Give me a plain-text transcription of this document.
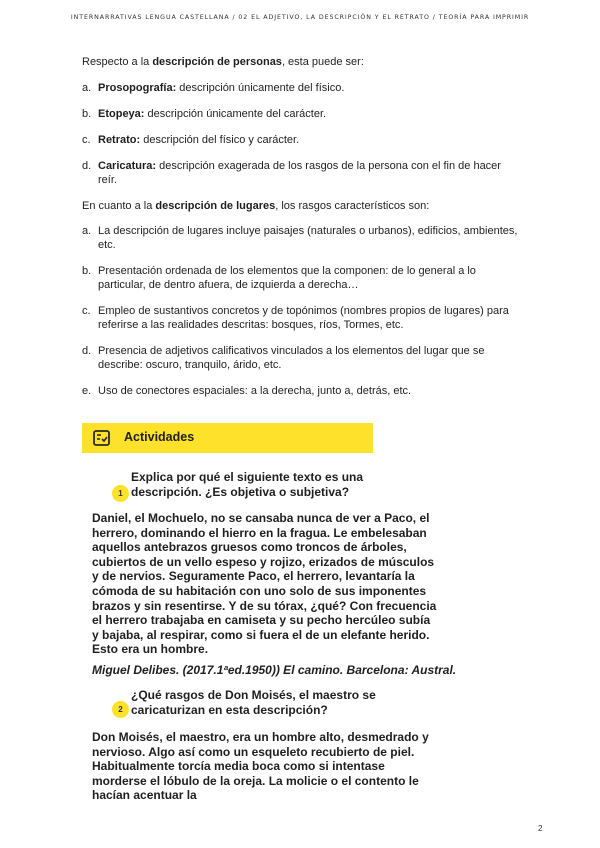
INTERNARRATIVAS LENGUA CASTELLANA / 02 EL ADJETIVO, LA DESCRIPCIÓN Y EL RETRATO / TEORÍA PARA IMPRIMIR

Respecto a la descripción de personas, esta puede ser:

a. Prosopografía: descripción únicamente del físico.
b. Etopeya: descripción únicamente del carácter.
c. Retrato: descripción del físico y carácter.
d. Caricatura: descripción exagerada de los rasgos de la persona con el fin de hacer reír.

En cuanto a la descripción de lugares, los rasgos característicos son:

a. La descripción de lugares incluye paisajes (naturales o urbanos), edificios, ambientes, etc.
b. Presentación ordenada de los elementos que la componen: de lo general a lo particular, de dentro afuera, de izquierda a derecha…
c. Empleo de sustantivos concretos y de topónimos (nombres propios de lugares) para referirse a las realidades descritas: bosques, ríos, Tormes, etc.
d. Presencia de adjetivos calificativos vinculados a los elementos del lugar que se describe: oscuro, tranquilo, árido, etc.
e. Uso de conectores espaciales: a la derecha, junto a, detrás, etc.
Actividades
1
Explica por qué el siguiente texto es una descripción. ¿Es objetiva o subjetiva?
Daniel, el Mochuelo, no se cansaba nunca de ver a Paco, el herrero, dominando el hierro en la fragua. Le embelesaban aquellos antebrazos gruesos como troncos de árboles, cubiertos de un vello espeso y rojizo, erizados de músculos y de nervios. Seguramente Paco, el herrero, levantaría la cómoda de su habitación con uno solo de sus imponentes brazos y sin resentirse. Y de su tórax, ¿qué? Con frecuencia el herrero trabajaba en camiseta y su pecho hercúleo subía y bajaba, al respirar, como si fuera el de un elefante herido. Esto era un hombre.
Miguel Delibes. (2017.1ªed.1950)) El camino. Barcelona: Austral.
2
¿Qué rasgos de Don Moisés, el maestro se caricaturizan en esta descripción?
Don Moisés, el maestro, era un hombre alto, desmedrado y nervioso. Algo así como un esqueleto recubierto de piel. Habitualmente torcía media boca como si intentase morderse el lóbulo de la oreja. La molicie o el contento le hacían acentuar la
2
